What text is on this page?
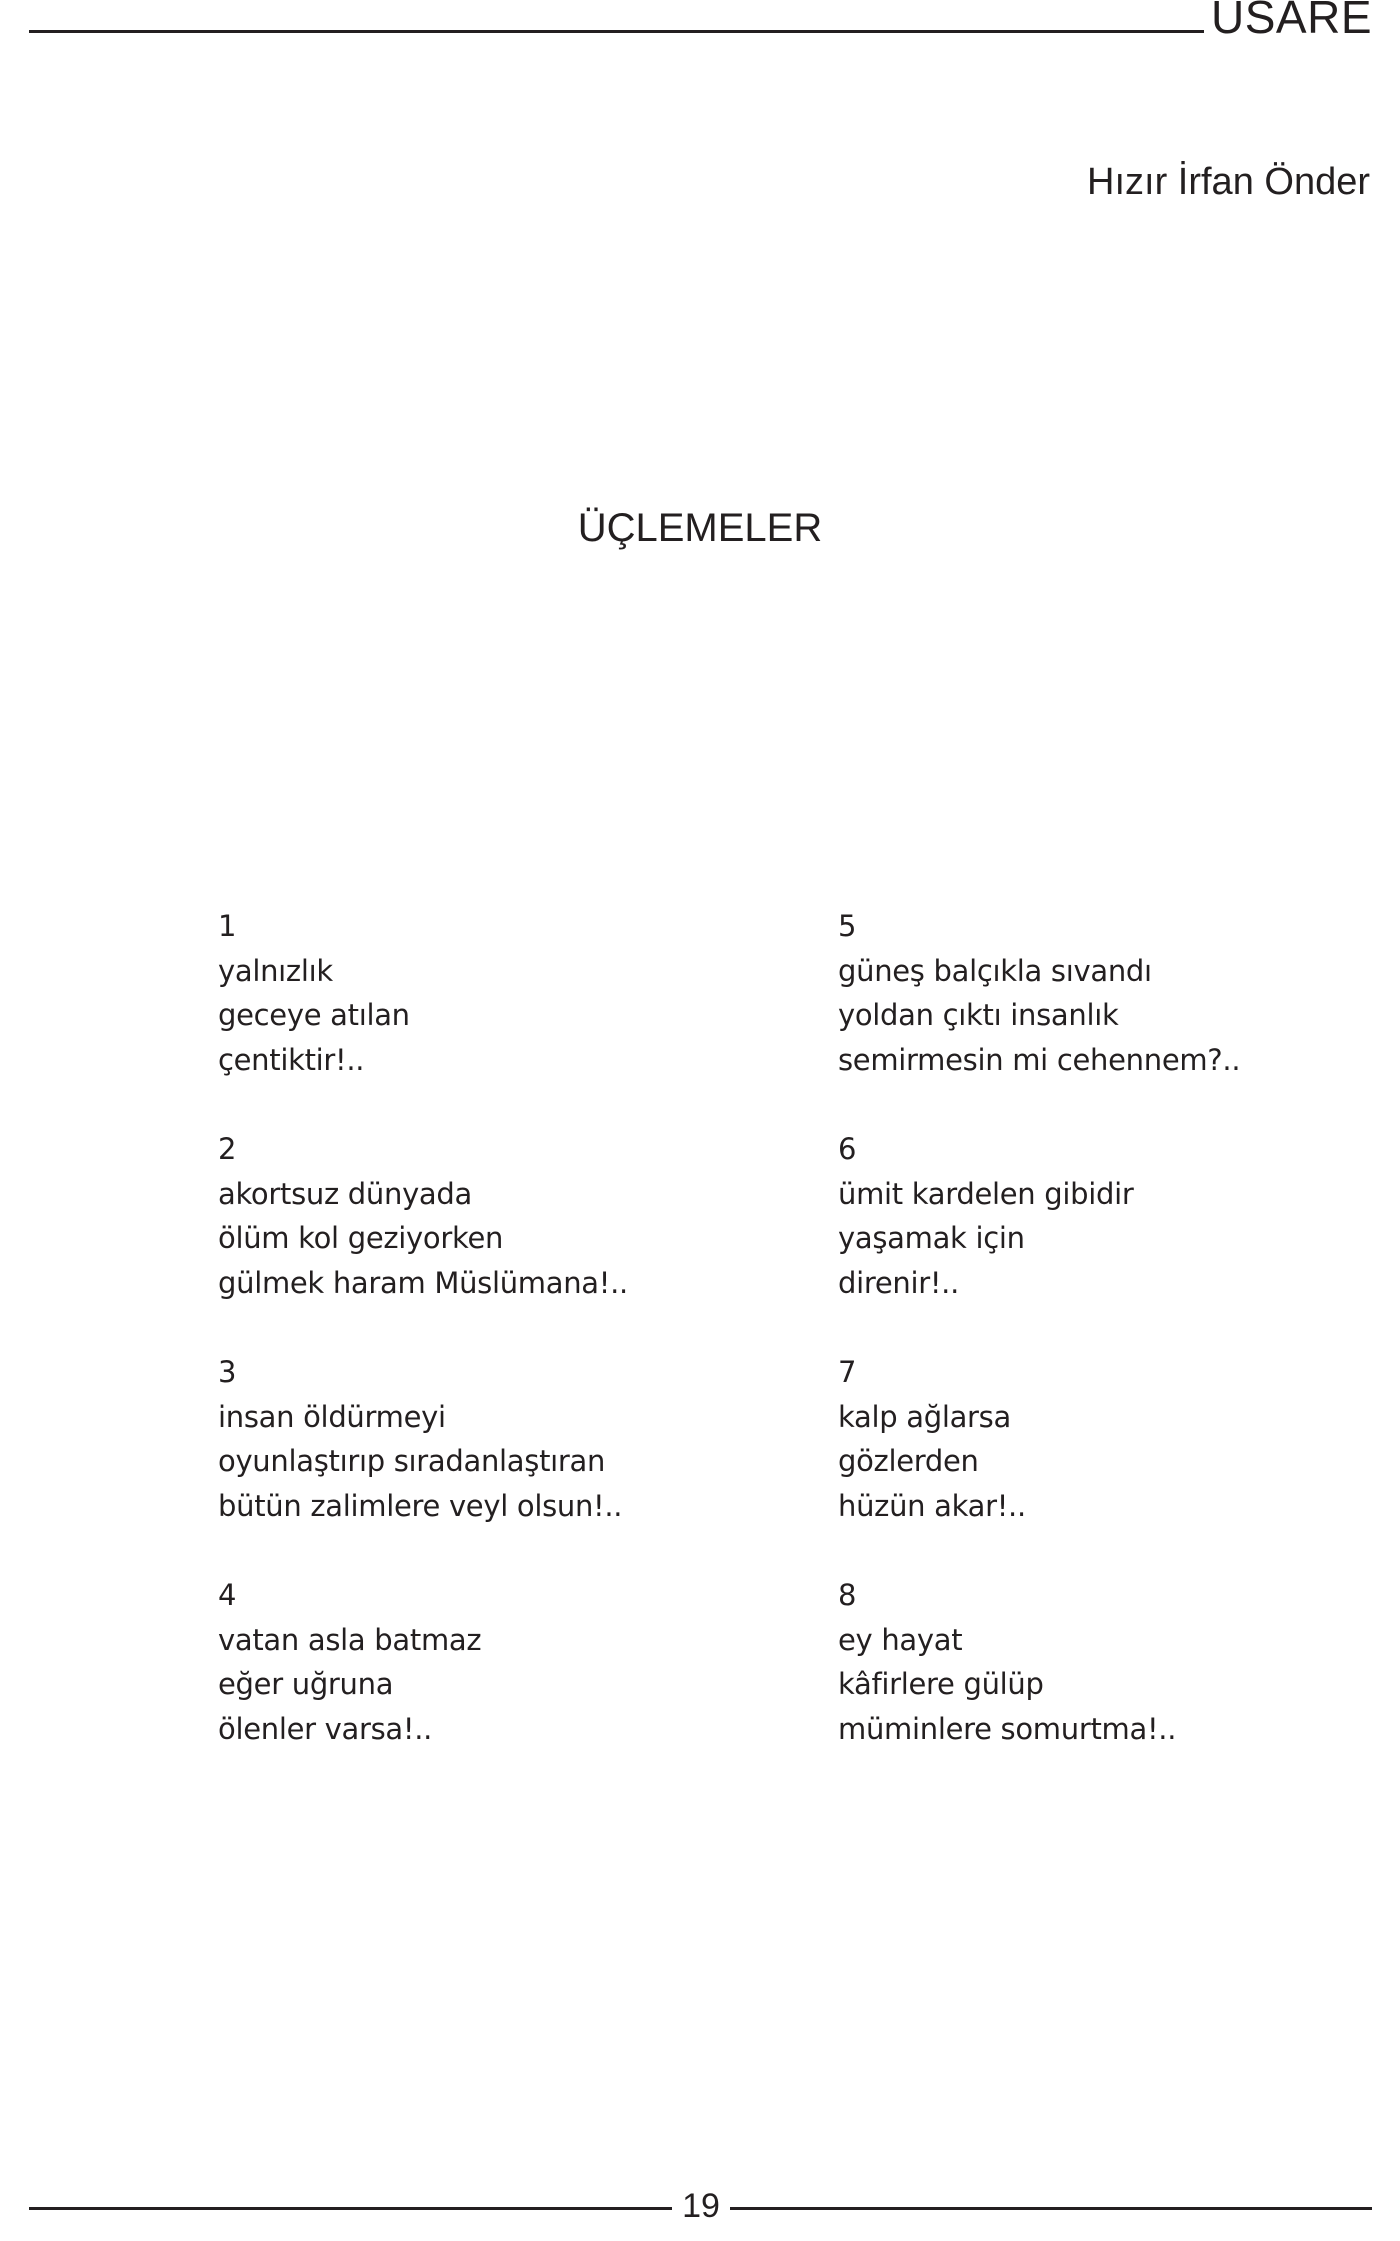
USARE
Hızır İrfan Önder
ÜÇLEMELER
1
yalnızlık
geceye atılan
çentiktir!..
2
akortsuz dünyada
ölüm kol geziyorken
gülmek haram Müslümana!..
3
insan öldürmeyi
oyunlaştırıp sıradanlaştıran
bütün zalimlere veyl olsun!..
4
vatan asla batmaz
eğer uğruna
ölenler varsa!..
5
güneş balçıkla sıvandı
yoldan çıktı insanlık
semirmesin mi cehennem?..
6
ümit kardelen gibidir
yaşamak için
direnir!..
7
kalp ağlarsa
gözlerden
hüzün akar!..
8
ey hayat
kâfirlere gülüp
müminlere somurtma!..
19
